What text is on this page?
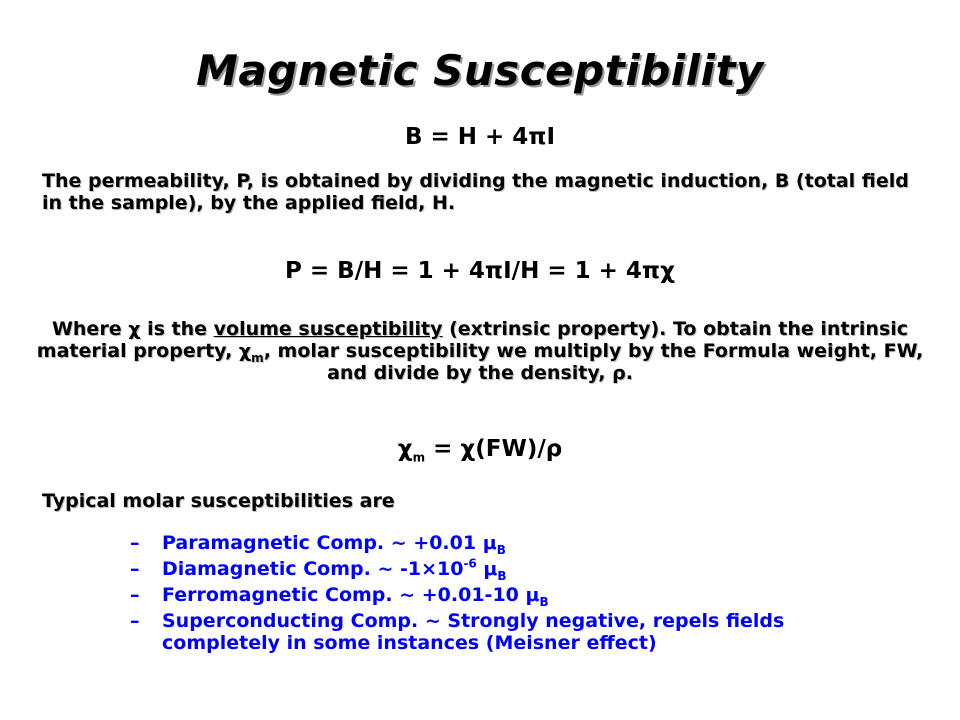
Magnetic Susceptibility
B = H + 4πI
The permeability, P, is obtained by dividing the magnetic induction, B (total field in the sample), by the applied field, H.
P = B/H = 1 + 4πI/H = 1 + 4πχ
Where χ is the volume susceptibility (extrinsic property). To obtain the intrinsic material property, $\chi_m$, molar susceptibility we multiply by the Formula weight, FW, and divide by the density, ρ.
$\chi_m = \chi(FW)/\rho$
Typical molar susceptibilities are
– Paramagnetic Comp. ~ +0.01 $\mu_B$
– Diamagnetic Comp. ~ $-1\times 10^{-6}$ $\mu_B$
– Ferromagnetic Comp. ~ +0.01-10 $\mu_B$
– Superconducting Comp. ~ Strongly negative, repels fields completely in some instances (Meisner effect)
